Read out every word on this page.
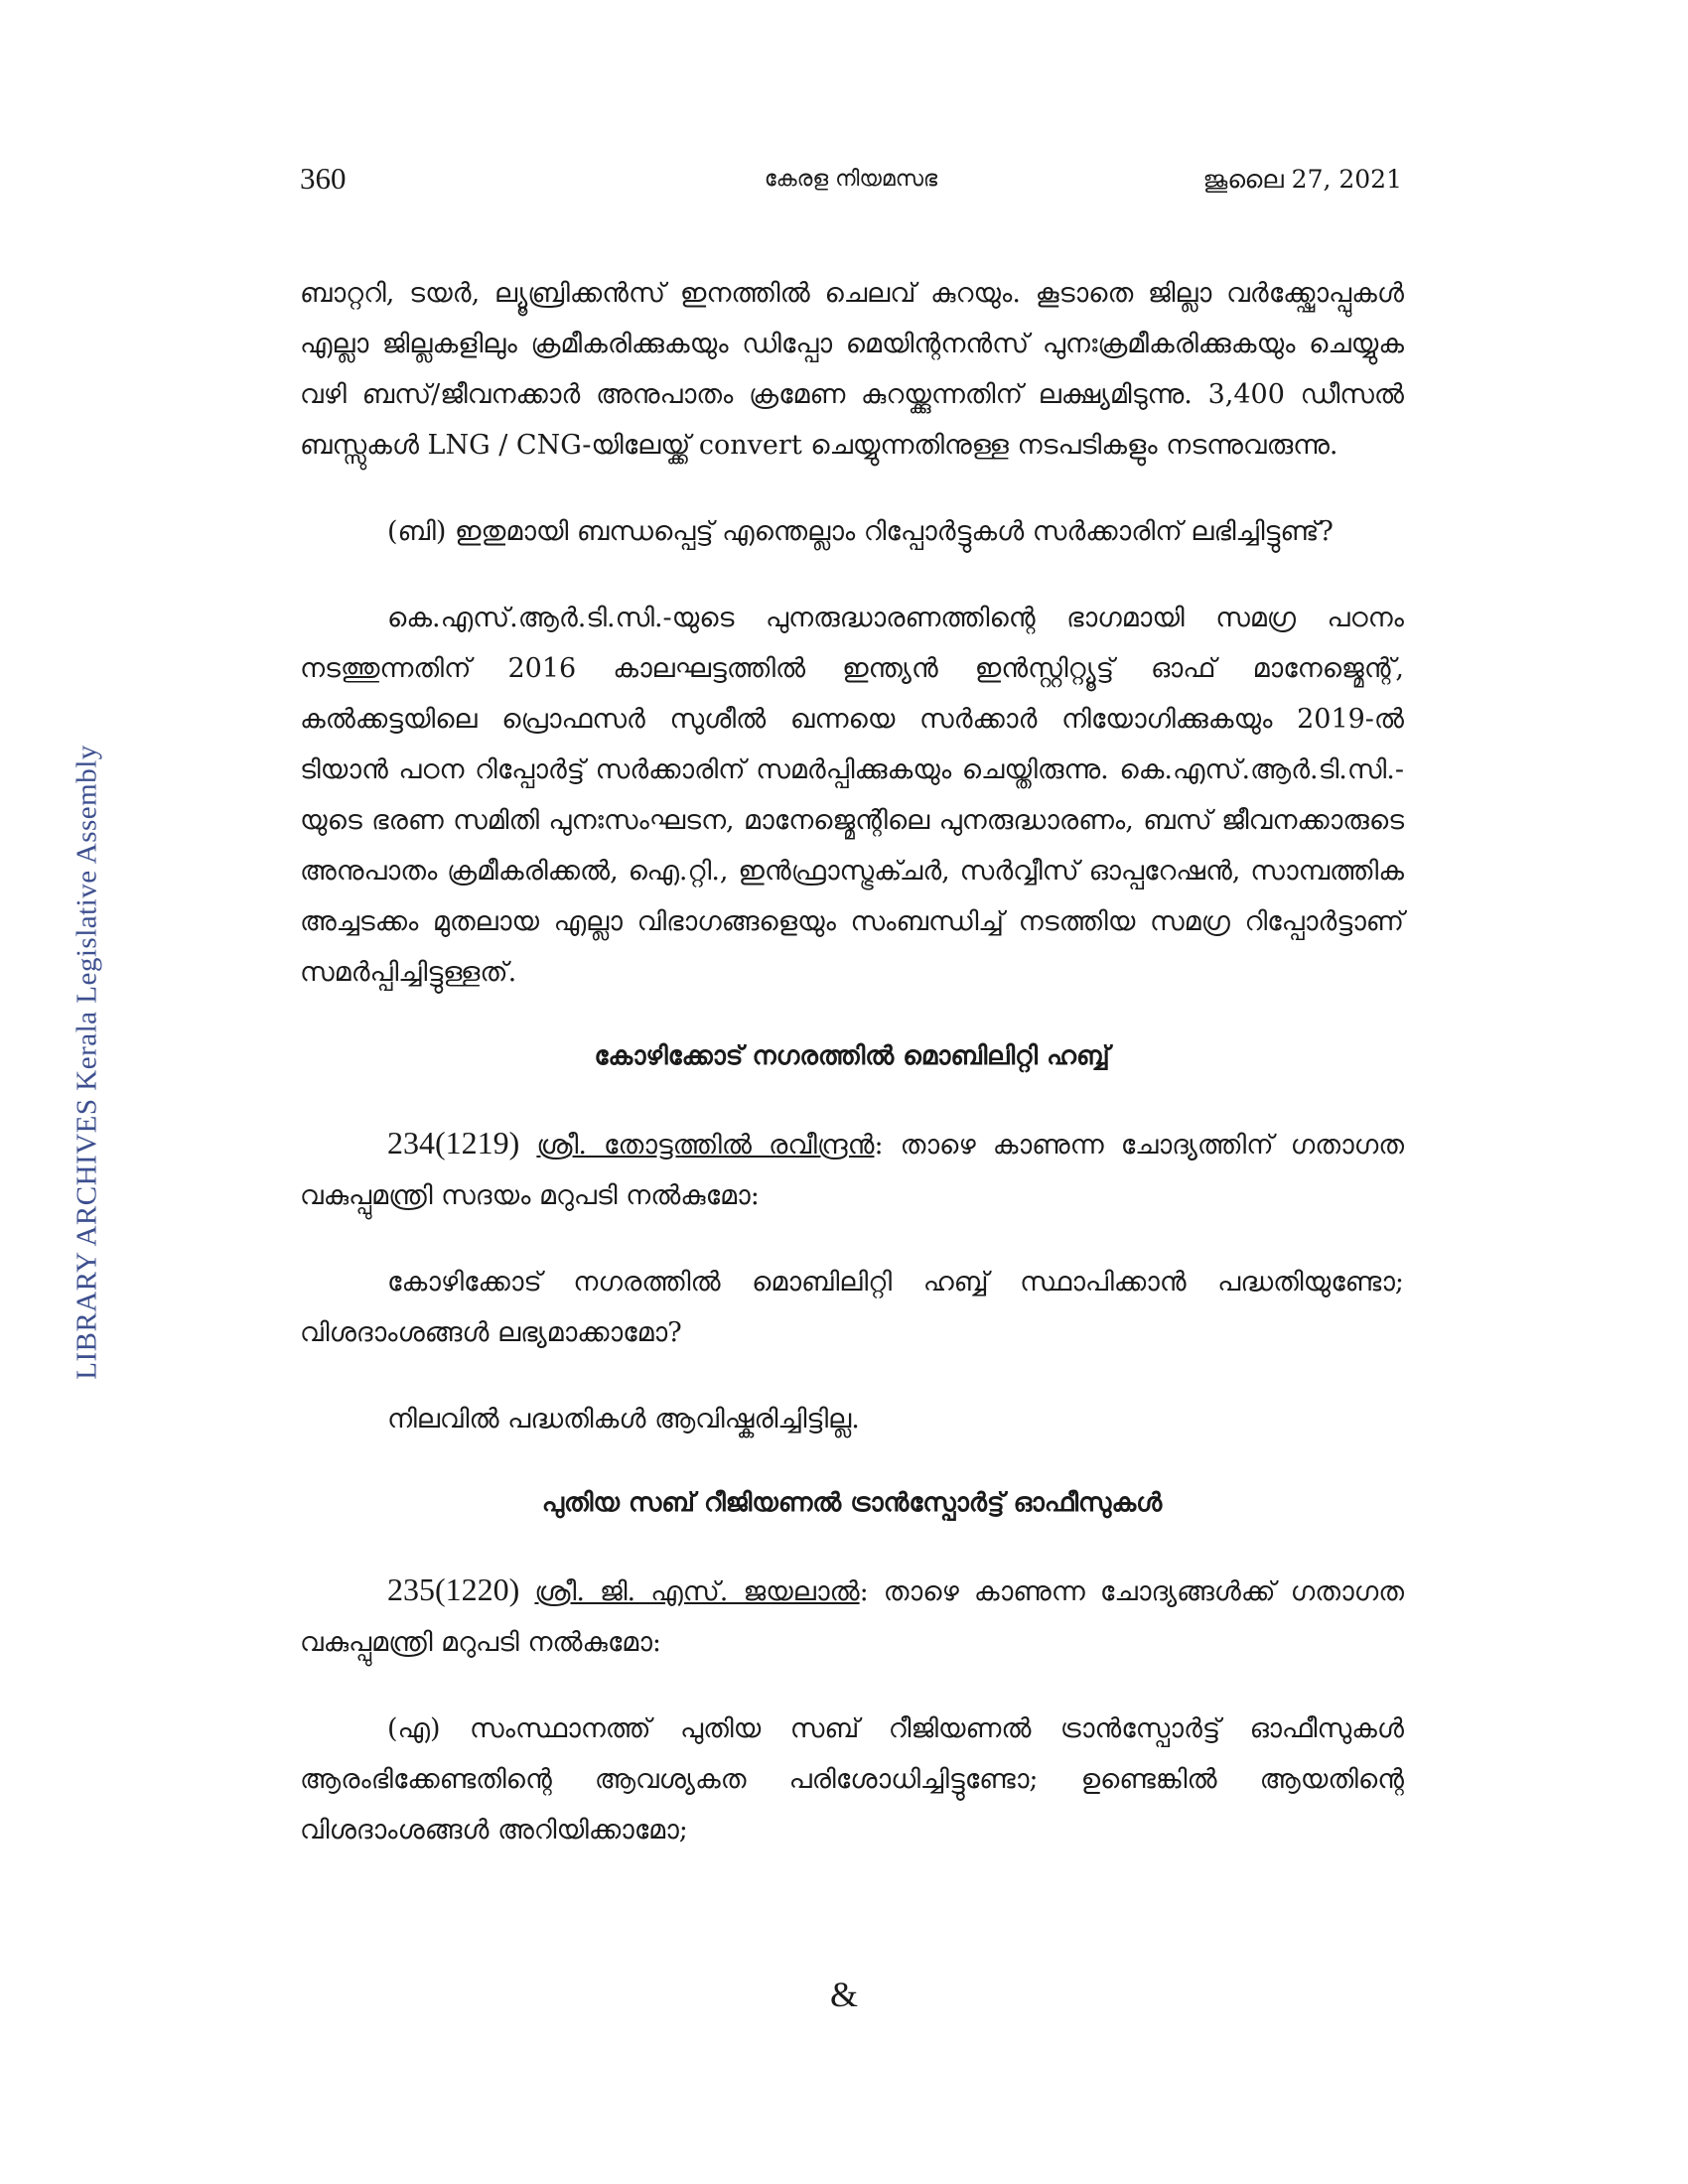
LIBRARY ARCHIVES Kerala Legislative Assembly
360	കേരള നിയമസഭ	ജൂലൈ 27, 2021

ബാറ്ററി, ടയർ, ല്യൂബ്രിക്കൻസ് ഇനത്തിൽ ചെലവ് കുറയും. കൂടാതെ ജില്ലാ വർക്ക്ഷോപ്പുകൾ എല്ലാ ജില്ലകളിലും ക്രമീകരിക്കുകയും ഡിപ്പോ മെയിന്റനൻസ് പുനഃക്രമീകരിക്കുകയും ചെയ്യുക വഴി ബസ്/ജീവനക്കാർ അനുപാതം ക്രമേണ കുറയ്ക്കുന്നതിന് ലക്ഷ്യമിടുന്നു. 3,400 ഡീസൽ ബസ്സുകൾ LNG / CNG-യിലേയ്ക്ക് convert ചെയ്യുന്നതിനുള്ള നടപടികളും നടന്നുവരുന്നു.

(ബി) ഇതുമായി ബന്ധപ്പെട്ട് എന്തെല്ലാം റിപ്പോർട്ടുകൾ സർക്കാരിന് ലഭിച്ചിട്ടുണ്ട്?

കെ.എസ്.ആർ.ടി.സി.-യുടെ പുനരുദ്ധാരണത്തിന്റെ ഭാഗമായി സമഗ്ര പഠനം നടത്തുന്നതിന് 2016 കാലഘട്ടത്തിൽ ഇന്ത്യൻ ഇൻസ്റ്റിറ്റ്യൂട്ട് ഓഫ് മാനേജ്മെന്റ്, കൽക്കട്ടയിലെ പ്രൊഫസർ സുശീൽ ഖന്നയെ സർക്കാർ നിയോഗിക്കുകയും 2019-ൽ ടിയാൻ പഠന റിപ്പോർട്ട് സർക്കാരിന് സമർപ്പിക്കുകയും ചെയ്തിരുന്നു. കെ.എസ്.ആർ.ടി.സി.-യുടെ ഭരണ സമിതി പുനഃസംഘടന, മാനേജ്മെന്റിലെ പുനരുദ്ധാരണം, ബസ് ജീവനക്കാരുടെ അനുപാതം ക്രമീകരിക്കൽ, ഐ.റ്റി., ഇൻഫ്രാസ്ട്രക്ചർ, സർവ്വീസ് ഓപ്പറേഷൻ, സാമ്പത്തിക അച്ചടക്കം മുതലായ എല്ലാ വിഭാഗങ്ങളെയും സംബന്ധിച്ച് നടത്തിയ സമഗ്ര റിപ്പോർട്ടാണ് സമർപ്പിച്ചിട്ടുള്ളത്.

കോഴിക്കോട് നഗരത്തിൽ മൊബിലിറ്റി ഹബ്ബ്

234(1219) ശ്രീ. തോട്ടത്തിൽ രവീന്ദ്രൻ: താഴെ കാണുന്ന ചോദ്യത്തിന് ഗതാഗത വകുപ്പുമന്ത്രി സദയം മറുപടി നൽകുമോ:

കോഴിക്കോട് നഗരത്തിൽ മൊബിലിറ്റി ഹബ്ബ് സ്ഥാപിക്കാൻ പദ്ധതിയുണ്ടോ; വിശദാംശങ്ങൾ ലഭ്യമാക്കാമോ?

നിലവിൽ പദ്ധതികൾ ആവിഷ്കരിച്ചിട്ടില്ല.

പുതിയ സബ് റീജിയണൽ ട്രാൻസ്പോർട്ട് ഓഫീസുകൾ

235(1220) ശ്രീ. ജി. എസ്. ജയലാൽ: താഴെ കാണുന്ന ചോദ്യങ്ങൾക്ക് ഗതാഗത വകുപ്പുമന്ത്രി മറുപടി നൽകുമോ:

(എ) സംസ്ഥാനത്ത് പുതിയ സബ് റീജിയണൽ ട്രാൻസ്പോർട്ട് ഓഫീസുകൾ ആരംഭിക്കേണ്ടതിന്റെ ആവശ്യകത പരിശോധിച്ചിട്ടുണ്ടോ; ഉണ്ടെങ്കിൽ ആയതിന്റെ വിശദാംശങ്ങൾ അറിയിക്കാമോ;

&
